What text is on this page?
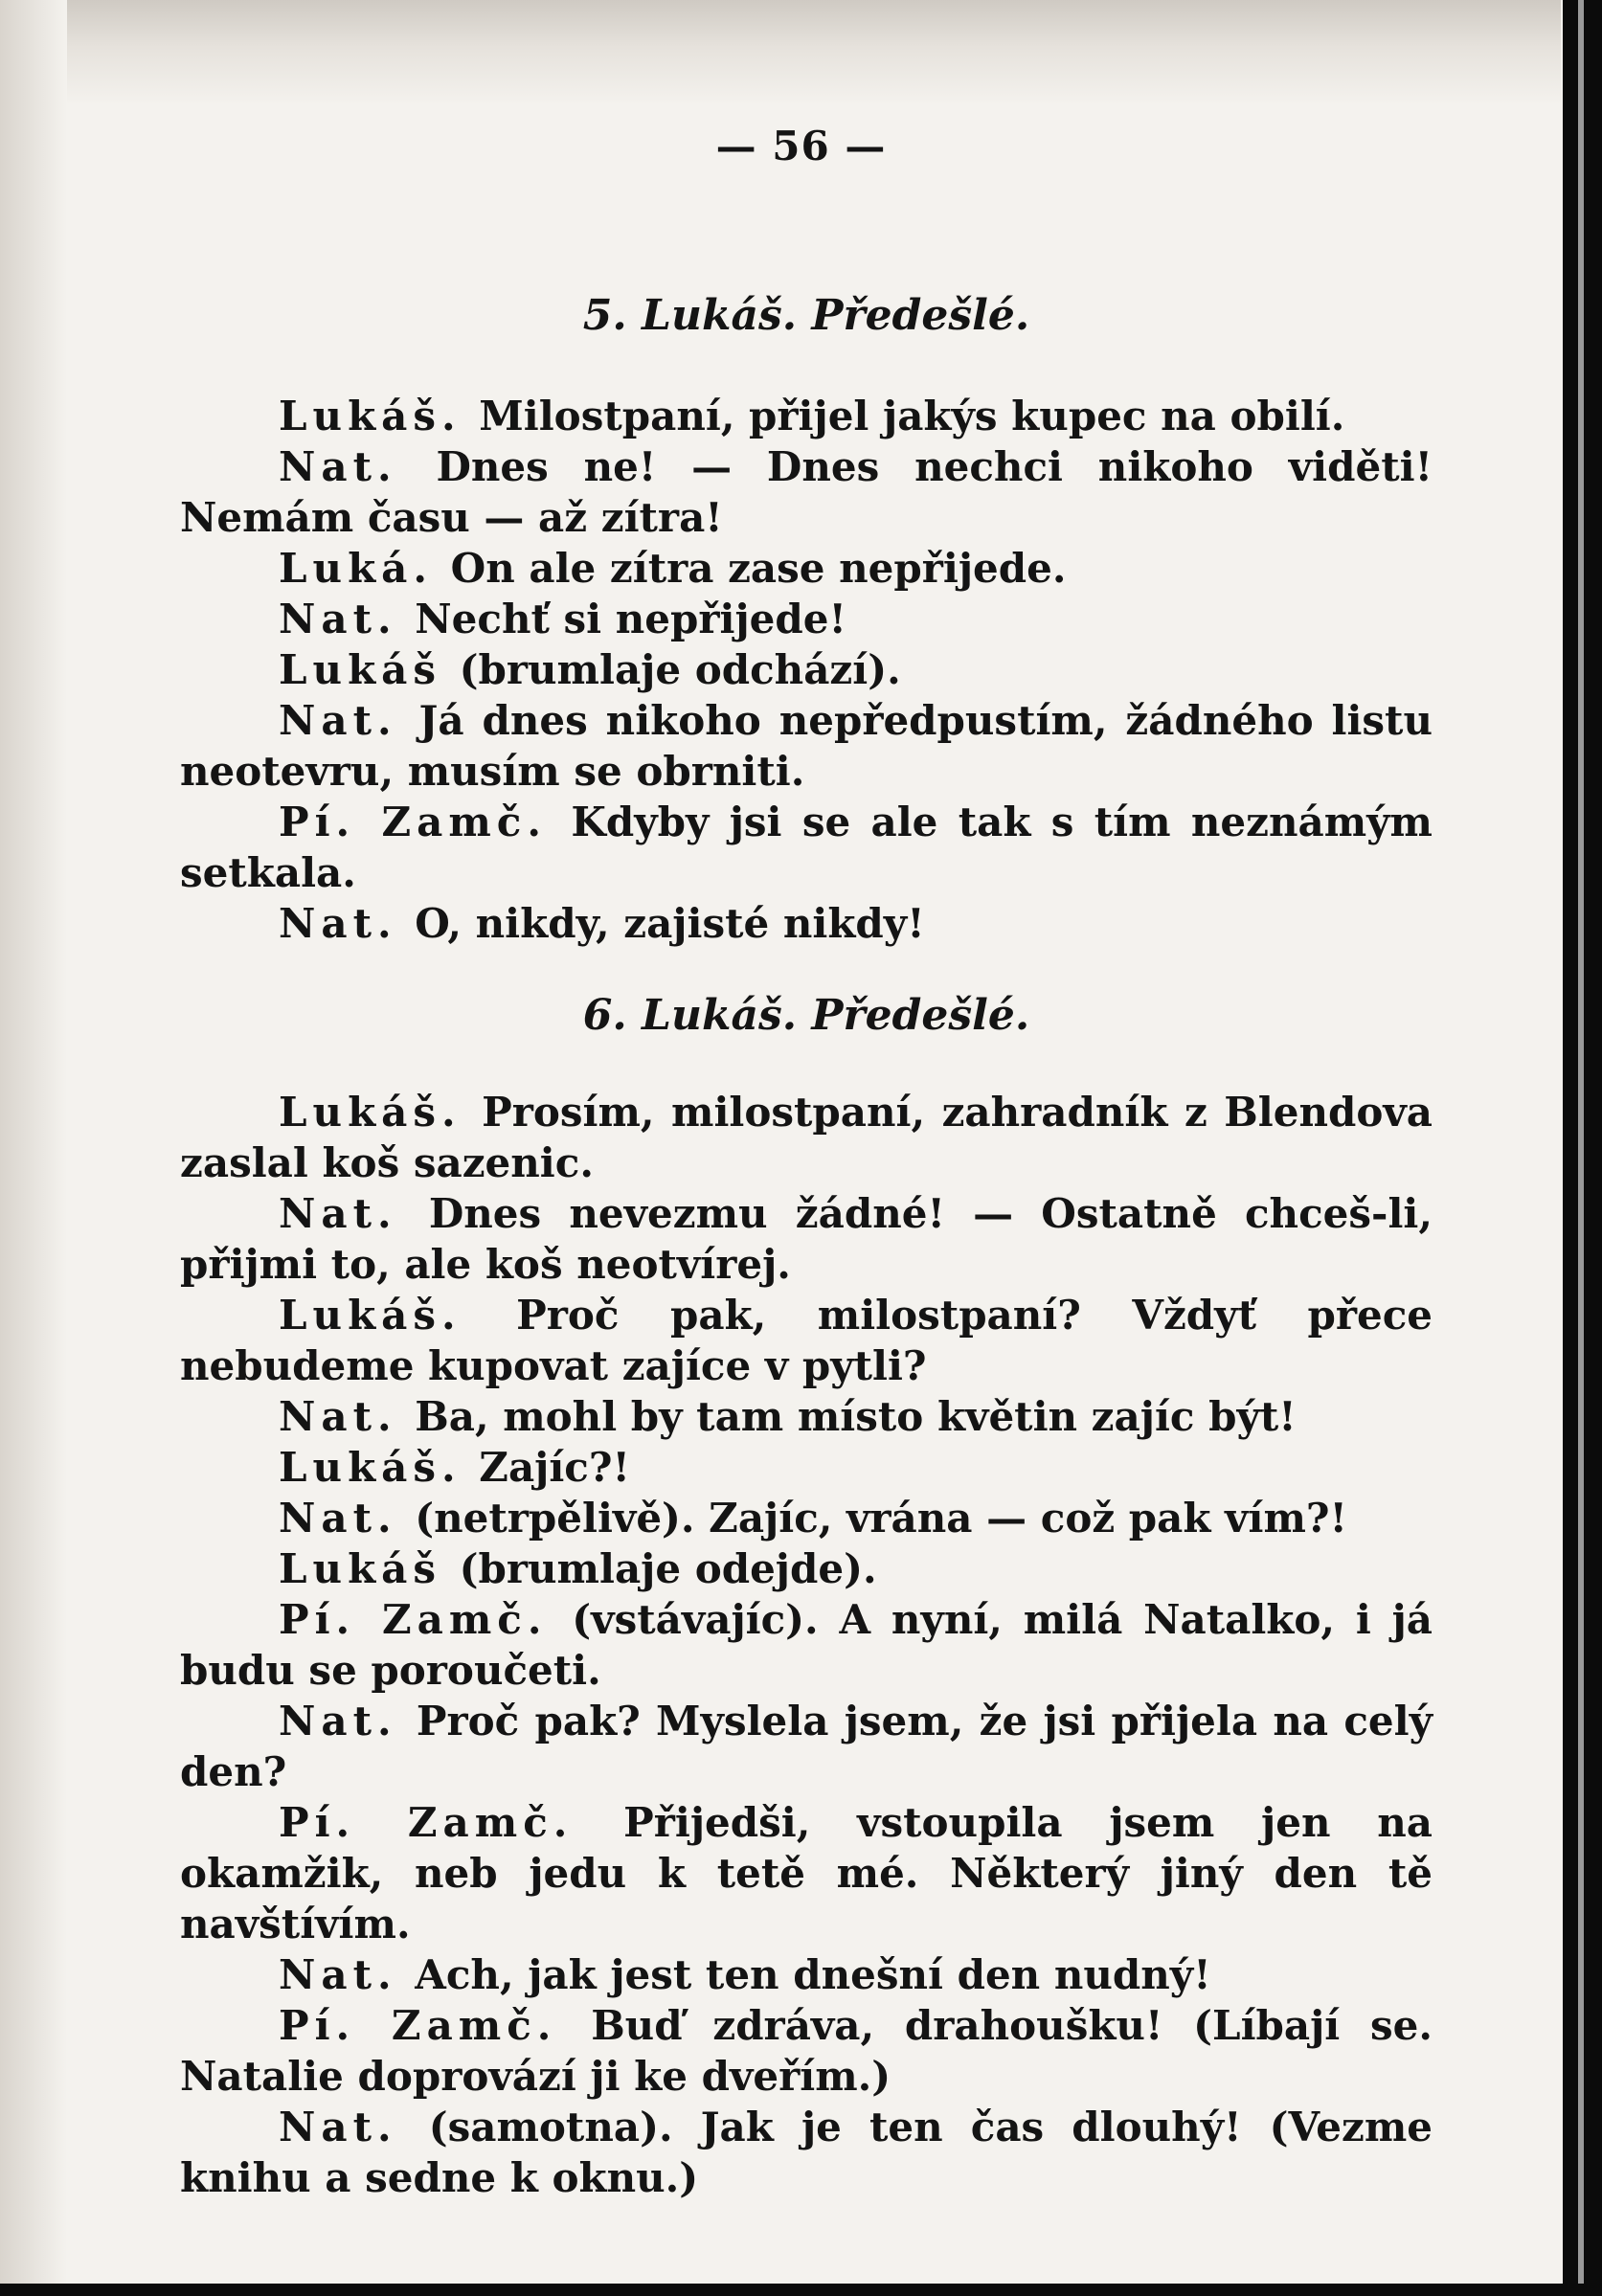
— 56 —
5. Lukáš. Předešlé.

Lukáš. Milostpaní, přijel jakýs kupec na obilí.

Nat. Dnes ne! — Dnes nechci nikoho viděti! Nemám času — až zítra!

Luká. On ale zítra zase nepřijede.

Nat. Nechť si nepřijede!

Lukáš (brumlaje odchází).

Nat. Já dnes nikoho nepředpustím, žádného listu neotevru, musím se obrniti.

Pí. Zamč. Kdyby jsi se ale tak s tím neznámým setkala.

Nat. O, nikdy, zajisté nikdy!

6. Lukáš. Předešlé.

Lukáš. Prosím, milostpaní, zahradník z Blendova zaslal koš sazenic.

Nat. Dnes nevezmu žádné! — Ostatně chceš-li, přijmi to, ale koš neotvírej.

Lukáš. Proč pak, milostpaní? Vždyť přece nebudeme kupovat zajíce v pytli?

Nat. Ba, mohl by tam místo květin zajíc být!

Lukáš. Zajíc?!

Nat. (netrpělivě). Zajíc, vrána — což pak vím?!

Lukáš (brumlaje odejde).

Pí. Zamč. (vstávajíc). A nyní, milá Natalko, i já budu se poroučeti.

Nat. Proč pak? Myslela jsem, že jsi přijela na celý den?

Pí. Zamč. Přijedši, vstoupila jsem jen na okamžik, neb jedu k tetě mé. Některý jiný den tě navštívím.

Nat. Ach, jak jest ten dnešní den nudný!

Pí. Zamč. Buď zdráva, drahoušku! (Líbají se. Natalie doprovází ji ke dveřím.)

Nat. (samotna). Jak je ten čas dlouhý! (Vezme knihu a sedne k oknu.)
